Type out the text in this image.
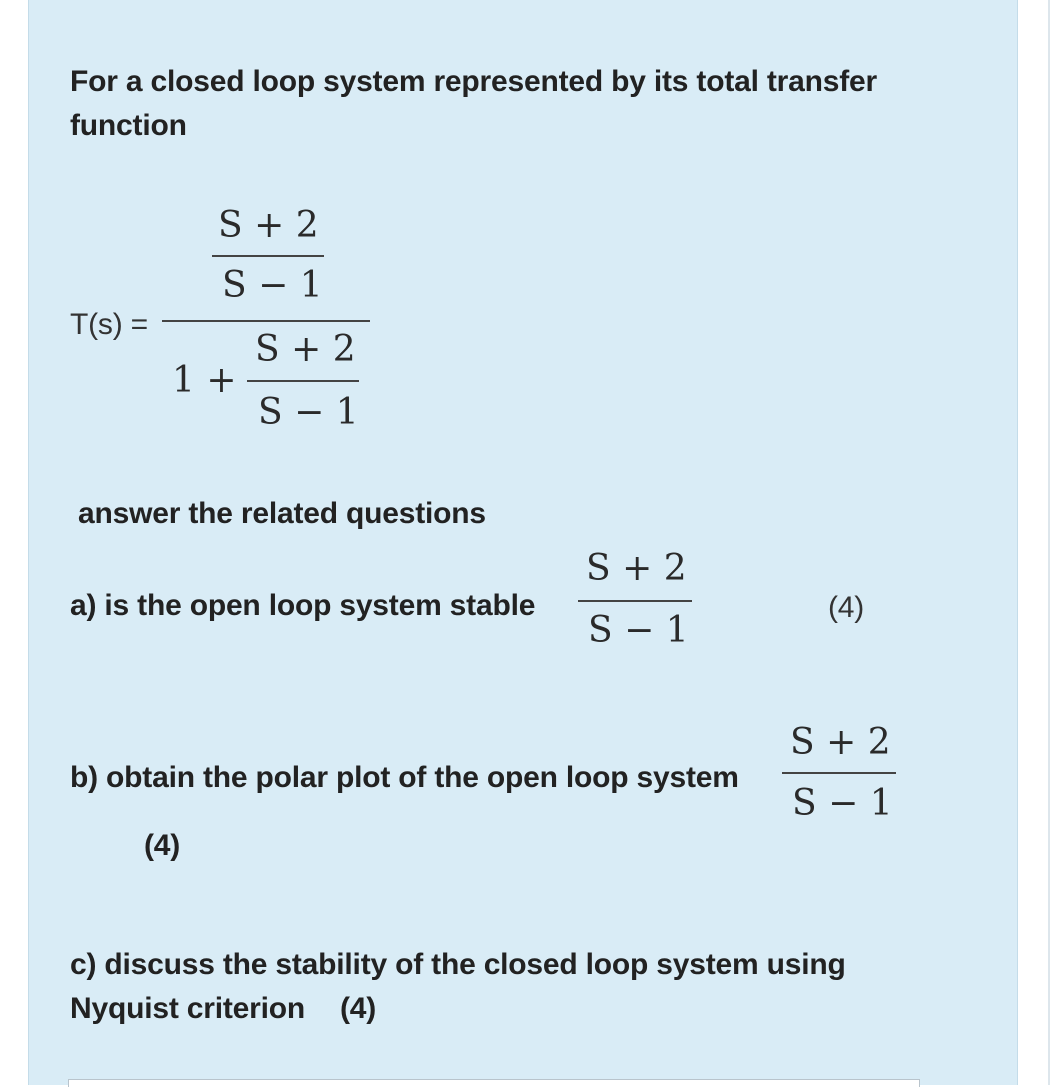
For a closed loop system represented by its total transfer
function
T(s) =
S + 2
S − 1
1 +
S + 2
S − 1
answer the related questions
a) is the open loop system stable
S + 2
S − 1
(4)
b) obtain the polar plot of the open loop system
S + 2
S − 1
(4)
c) discuss the stability of the closed loop system using
Nyquist criterion (4)
